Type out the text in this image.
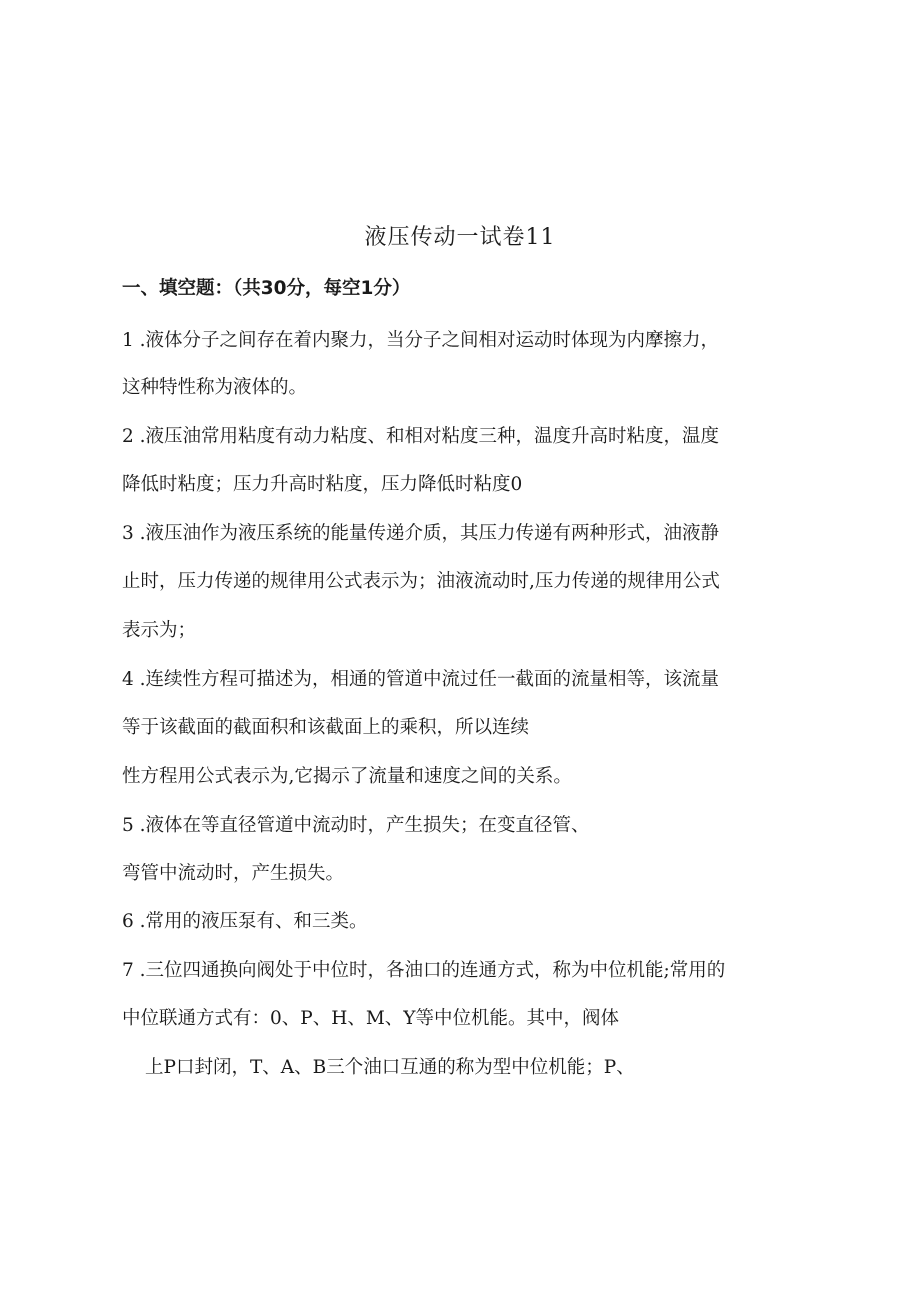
液压传动一试卷11
一、填空题：（共30分，每空1分）
1 .液体分子之间存在着内聚力，当分子之间相对运动时体现为内摩擦力，
这种特性称为液体的。
2 .液压油常用粘度有动力粘度、和相对粘度三种，温度升高时粘度，温度
降低时粘度；压力升高时粘度，压力降低时粘度0
3 .液压油作为液压系统的能量传递介质，其压力传递有两种形式，油液静
止时，压力传递的规律用公式表示为；油液流动时,压力传递的规律用公式
表示为；
4 .连续性方程可描述为，相通的管道中流过任一截面的流量相等，该流量
等于该截面的截面积和该截面上的乘积，所以连续
性方程用公式表示为,它揭示了流量和速度之间的关系。
5 .液体在等直径管道中流动时，产生损失；在变直径管、
弯管中流动时，产生损失。
6 .常用的液压泵有、和三类。
7 .三位四通换向阀处于中位时，各油口的连通方式，称为中位机能;常用的
中位联通方式有：0、P、H、M、Y等中位机能。其中，阀体
上P口封闭，T、A、B三个油口互通的称为型中位机能；P、
